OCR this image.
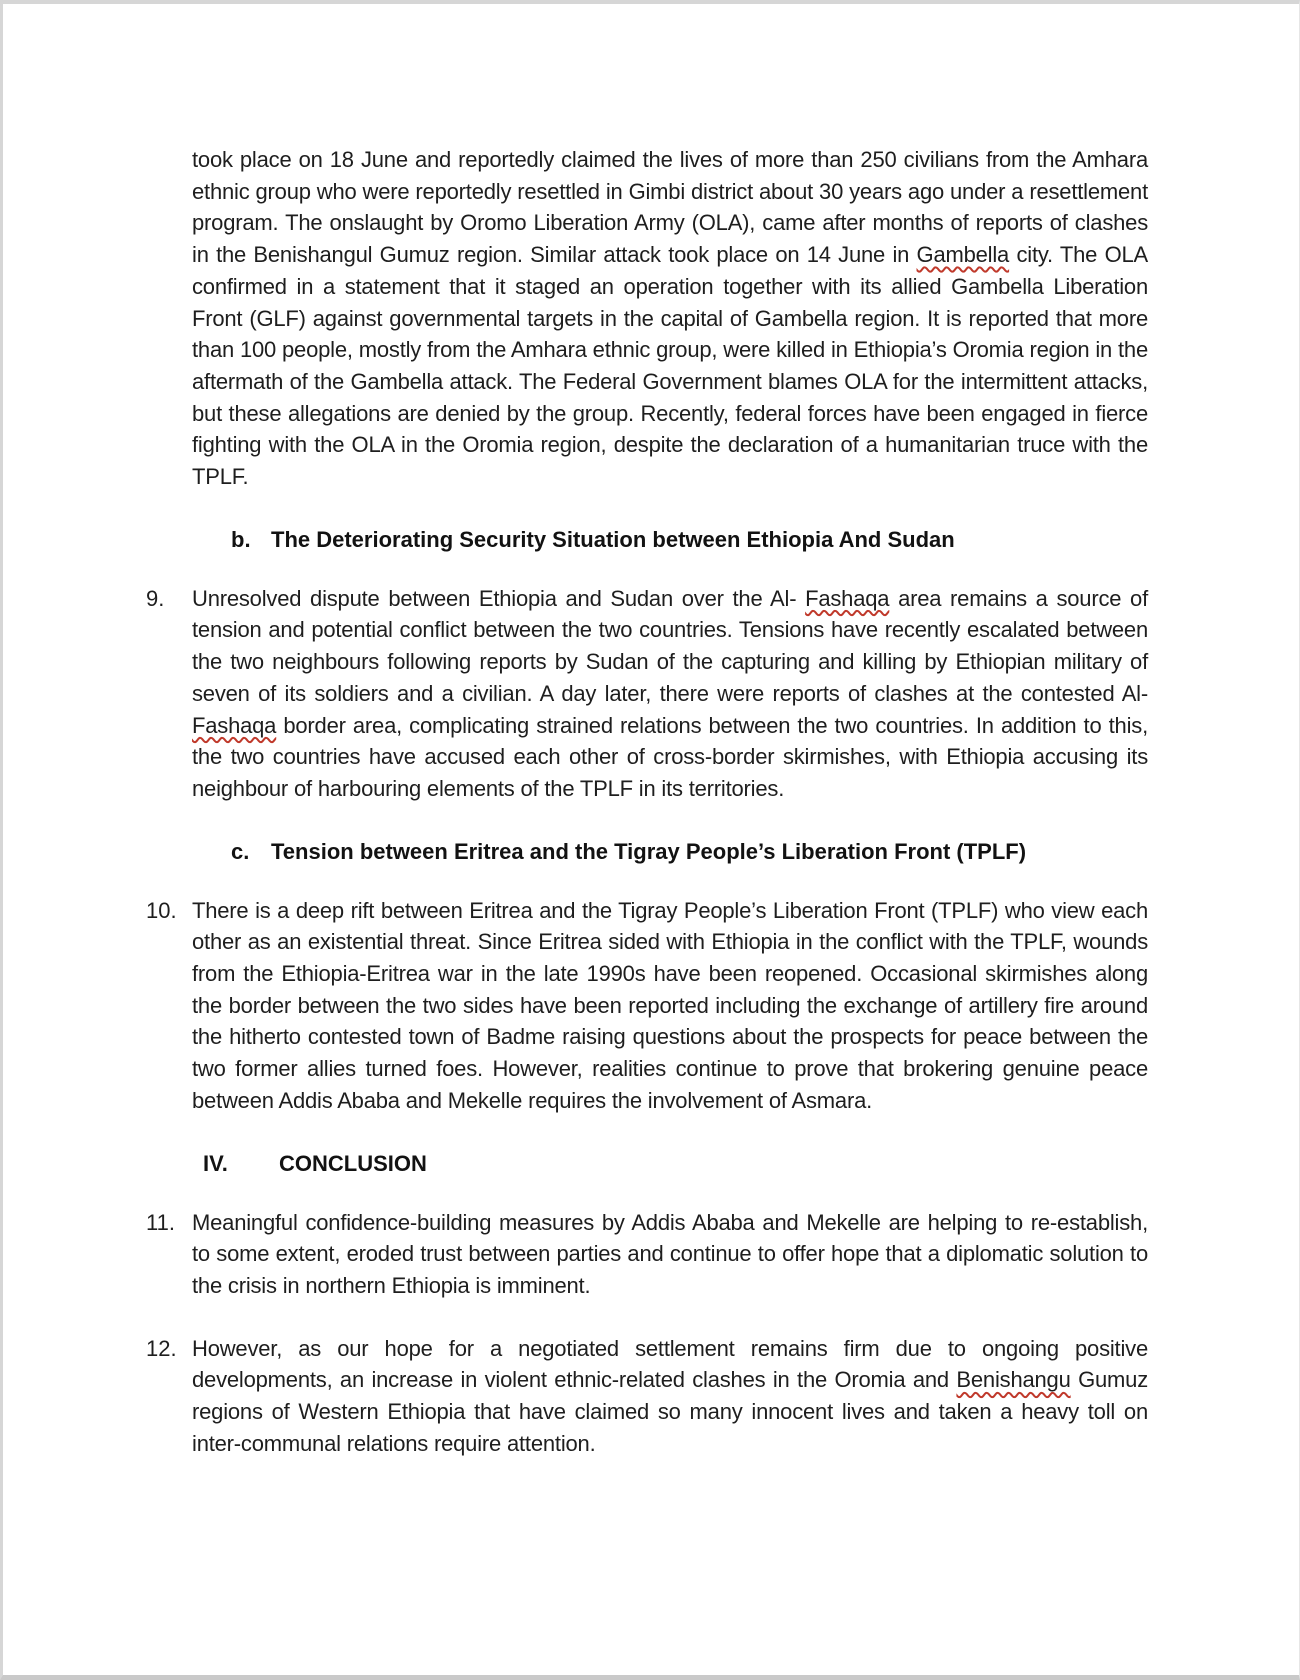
took place on 18 June and reportedly claimed the lives of more than 250 civilians from the Amhara ethnic group who were reportedly resettled in Gimbi district about 30 years ago under a resettlement program. The onslaught by Oromo Liberation Army (OLA), came after months of reports of clashes in the Benishangul Gumuz region. Similar attack took place on 14 June in Gambella city. The OLA confirmed in a statement that it staged an operation together with its allied Gambella Liberation Front (GLF) against governmental targets in the capital of Gambella region. It is reported that more than 100 people, mostly from the Amhara ethnic group, were killed in Ethiopia’s Oromia region in the aftermath of the Gambella attack. The Federal Government blames OLA for the intermittent attacks, but these allegations are denied by the group. Recently, federal forces have been engaged in fierce fighting with the OLA in the Oromia region, despite the declaration of a humanitarian truce with the TPLF.

b. The Deteriorating Security Situation between Ethiopia And Sudan

9.	Unresolved dispute between Ethiopia and Sudan over the Al- Fashaqa area remains a source of tension and potential conflict between the two countries. Tensions have recently escalated between the two neighbours following reports by Sudan of the capturing and killing by Ethiopian military of seven of its soldiers and a civilian. A day later, there were reports of clashes at the contested Al- Fashaqa border area, complicating strained relations between the two countries. In addition to this, the two countries have accused each other of cross-border skirmishes, with Ethiopia accusing its neighbour of harbouring elements of the TPLF in its territories.

c. Tension between Eritrea and the Tigray People’s Liberation Front (TPLF)

10. There is a deep rift between Eritrea and the Tigray People’s Liberation Front (TPLF) who view each other as an existential threat. Since Eritrea sided with Ethiopia in the conflict with the TPLF, wounds from the Ethiopia-Eritrea war in the late 1990s have been reopened. Occasional skirmishes along the border between the two sides have been reported including the exchange of artillery fire around the hitherto contested town of Badme raising questions about the prospects for peace between the two former allies turned foes. However, realities continue to prove that brokering genuine peace between Addis Ababa and Mekelle requires the involvement of Asmara.

IV.	CONCLUSION

11. Meaningful confidence-building measures by Addis Ababa and Mekelle are helping to re-establish, to some extent, eroded trust between parties and continue to offer hope that a diplomatic solution to the crisis in northern Ethiopia is imminent.

12. However, as our hope for a negotiated settlement remains firm due to ongoing positive developments, an increase in violent ethnic-related clashes in the Oromia and Benishangu Gumuz regions of Western Ethiopia that have claimed so many innocent lives and taken a heavy toll on inter-communal relations require attention.
